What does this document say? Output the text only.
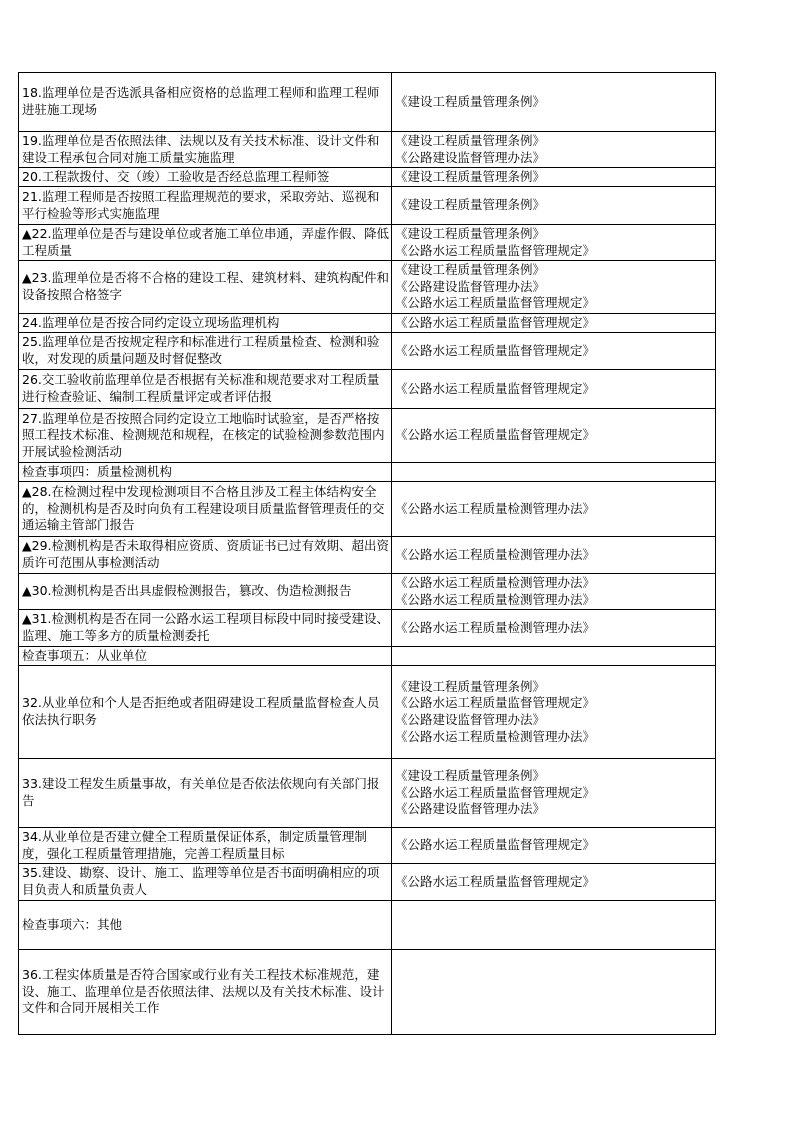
18.监理单位是否选派具备相应资格的总监理工程师和监理工程师进驻施工现场	《建设工程质量管理条例》

19.监理单位是否依照法律、法规以及有关技术标准、设计文件和建设工程承包合同对施工质量实施监理	《建设工程质量管理条例》
《公路建设监督管理办法》

20.工程款拨付、交（竣）工验收是否经总监理工程师签	《建设工程质量管理条例》

21.监理工程师是否按照工程监理规范的要求，采取旁站、巡视和平行检验等形式实施监理	《建设工程质量管理条例》

▲22.监理单位是否与建设单位或者施工单位串通，弄虚作假、降低工程质量	《建设工程质量管理条例》
《公路水运工程质量监督管理规定》

▲23.监理单位是否将不合格的建设工程、建筑材料、建筑构配件和设备按照合格签字	《建设工程质量管理条例》
《公路建设监督管理办法》
《公路水运工程质量监督管理规定》

24.监理单位是否按合同约定设立现场监理机构	《公路水运工程质量监督管理规定》

25.监理单位是否按规定程序和标准进行工程质量检查、检测和验收，对发现的质量问题及时督促整改	《公路水运工程质量监督管理规定》

26.交工验收前监理单位是否根据有关标准和规范要求对工程质量进行检查验证、编制工程质量评定或者评估报	《公路水运工程质量监督管理规定》

27.监理单位是否按照合同约定设立工地临时试验室，是否严格按照工程技术标准、检测规范和规程，在核定的试验检测参数范围内开展试验检测活动	《公路水运工程质量监督管理规定》

检查事项四：质量检测机构	
▲28.在检测过程中发现检测项目不合格且涉及工程主体结构安全的，检测机构是否及时向负有工程建设项目质量监督管理责任的交通运输主管部门报告	《公路水运工程质量检测管理办法》

▲29.检测机构是否未取得相应资质、资质证书已过有效期、超出资质许可范围从事检测活动	《公路水运工程质量检测管理办法》

▲30.检测机构是否出具虚假检测报告，篡改、伪造检测报告	《公路水运工程质量检测管理办法》
《公路水运工程质量检测管理办法》

▲31.检测机构是否在同一公路水运工程项目标段中同时接受建设、监理、施工等多方的质量检测委托	《公路水运工程质量检测管理办法》

检查事项五：从业单位	
32.从业单位和个人是否拒绝或者阻碍建设工程质量监督检查人员依法执行职务	《建设工程质量管理条例》
《公路水运工程质量监督管理规定》
《公路建设监督管理办法》
《公路水运工程质量检测管理办法》

33.建设工程发生质量事故，有关单位是否依法依规向有关部门报告	《建设工程质量管理条例》
《公路水运工程质量监督管理规定》
《公路建设监督管理办法》

34.从业单位是否建立健全工程质量保证体系，制定质量管理制度，强化工程质量管理措施，完善工程质量目标	《公路水运工程质量监督管理规定》

35.建设、勘察、设计、施工、监理等单位是否书面明确相应的项目负责人和质量负责人	《公路水运工程质量监督管理规定》

检查事项六：其他	
36.工程实体质量是否符合国家或行业有关工程技术标准规范，建设、施工、监理单位是否依照法律、法规以及有关技术标准、设计文件和合同开展相关工作	
